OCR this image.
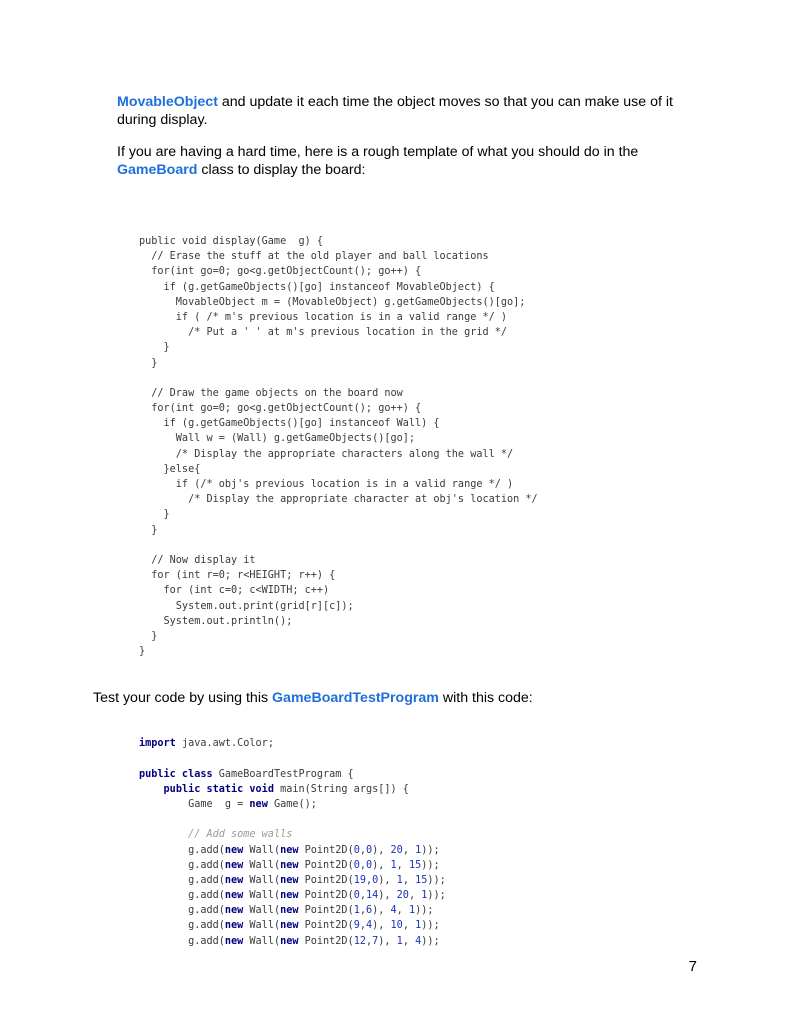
MovableObject and update it each time the object moves so that you can make use of it
during display.

If you are having a hard time, here is a rough template of what you should do in the
GameBoard class to display the board:

public void display(Game  g) {
// Erase the stuff at the old player and ball locations
for(int go=0; go<g.getObjectCount(); go++) {
if (g.getGameObjects()[go] instanceof MovableObject) {
MovableObject m = (MovableObject) g.getGameObjects()[go];
if ( /* m's previous location is in a valid range */ )
/* Put a ' ' at m's previous location in the grid */
}
}
// Draw the game objects on the board now
for(int go=0; go<g.getObjectCount(); go++) {
if (g.getGameObjects()[go] instanceof Wall) {
Wall w = (Wall) g.getGameObjects()[go];
/* Display the appropriate characters along the wall */
}else{
if (/* obj's previous location is in a valid range */ )
/* Display the appropriate character at obj's location */
}
}
// Now display it
for (int r=0; r<HEIGHT; r++) {
for (int c=0; c<WIDTH; c++)
System.out.print(grid[r][c]);
System.out.println();
}
}

Test your code by using this GameBoardTestProgram with this code:

import java.awt.Color;
public class GameBoardTestProgram {
public static void main(String args[]) {
Game  g = new Game();
// Add some walls
g.add(new Wall(new Point2D(0,0), 20, 1));
g.add(new Wall(new Point2D(0,0), 1, 15));
g.add(new Wall(new Point2D(19,0), 1, 15));
g.add(new Wall(new Point2D(0,14), 20, 1));
g.add(new Wall(new Point2D(1,6), 4, 1));
g.add(new Wall(new Point2D(9,4), 10, 1));
g.add(new Wall(new Point2D(12,7), 1, 4));

7
